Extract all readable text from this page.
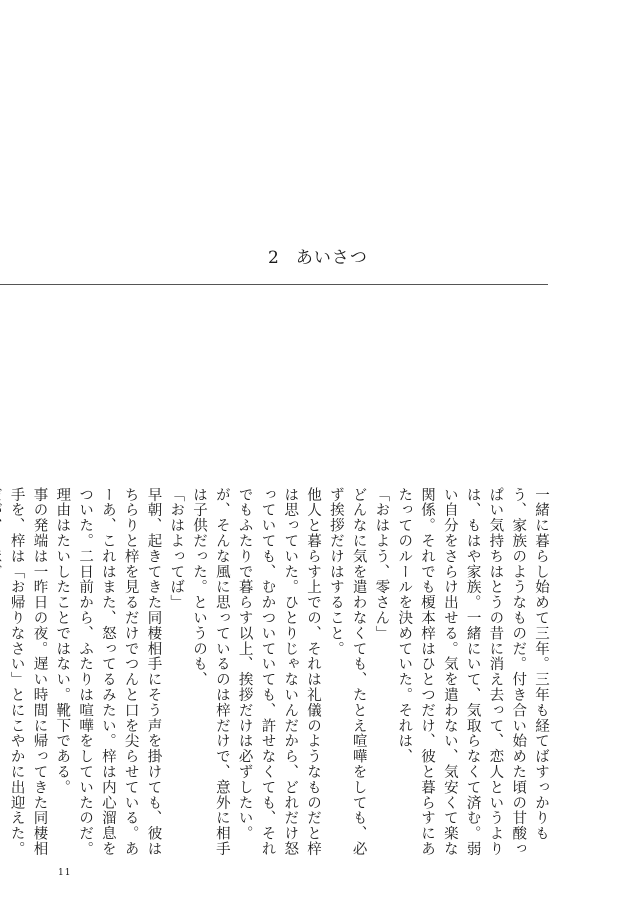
2 あいさつ

一緒に暮らし始めて三年。三年も経てばすっかりもう、家族のようなものだ。付き合い始めた頃の甘酸っぱい気持ちはとうの昔に消え去って、恋人というよりは、もはや家族。一緒にいて、気取らなくて済む。弱い自分をさらけ出せる。気を遣わない、気安くて楽な関係。それでも榎本梓はひとつだけ、彼と暮らすにあたってのルールを決めていた。それは、

「おはよう、零さん」

どんなに気を遣わなくても、たとえ喧嘩をしても、必ず挨拶だけはすること。

他人と暮らす上での、それは礼儀のようなものだと梓は思っていた。ひとりじゃないんだから、どれだけ怒っていても、むかついていても、許せなくても、それでもふたりで暮らす以上、挨拶だけは必ずしたい。

が、そんな風に思っているのは梓だけで、意外に相手は子供だった。というのも、

「おはよってば」

早朝、起きてきた同棲相手にそう声を掛けても、彼はちらりと梓を見るだけでつんと口を尖らせている。あーあ、これはまた、怒ってるみたい。梓は内心溜息をついた。二日前から、ふたりは喧嘩をしていたのだ。理由はたいしたことではない。靴下である。

事の発端は一昨日の夜。遅い時間に帰ってきた同棲相手を、梓は「お帰りなさい」とにこやかに出迎えた。

11
